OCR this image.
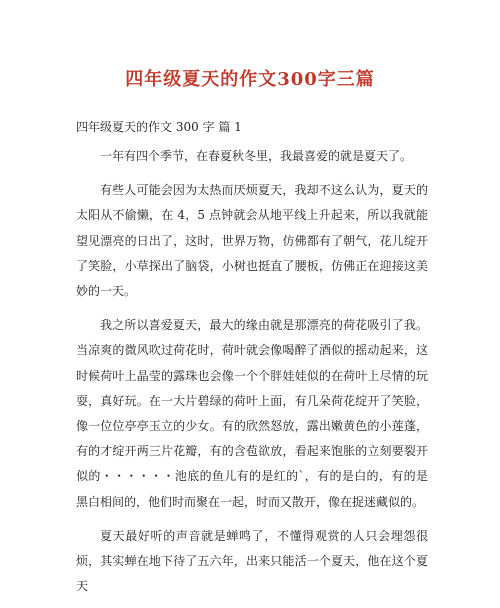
四年级夏天的作文300字三篇
四年级夏天的作文 300 字 篇 1

一年有四个季节，在春夏秋冬里，我最喜爱的就是夏天了。

有些人可能会因为太热而厌烦夏天，我却不这么认为，夏天的太阳从不偷懒，在 4，5 点钟就会从地平线上升起来，所以我就能望见漂亮的日出了，这时，世界万物，仿佛都有了朝气，花儿绽开了笑脸，小草探出了脑袋，小树也挺直了腰板，仿佛正在迎接这美妙的一天。

我之所以喜爱夏天，最大的缘由就是那漂亮的荷花吸引了我。当凉爽的微风吹过荷花时，荷叶就会像喝醉了酒似的摇动起来，这时候荷叶上晶莹的露珠也会像一个个胖娃娃似的在荷叶上尽情的玩耍，真好玩。在一大片碧绿的荷叶上面，有几朵荷花绽开了笑脸，像一位位亭亭玉立的少女。有的欣然怒放，露出嫩黄色的小莲蓬，有的才绽开两三片花瓣，有的含苞欲放，看起来饱胀的立刻要裂开似的・・・・・・池底的鱼儿有的是红的`，有的是白的，有的是黑白相间的，他们时而聚在一起，时而又散开，像在捉迷藏似的。

夏天最好听的声音就是蝉鸣了，不懂得观赏的人只会埋怨很烦，其实蝉在地下待了五六年，出来只能活一个夏天，他在这个夏天
